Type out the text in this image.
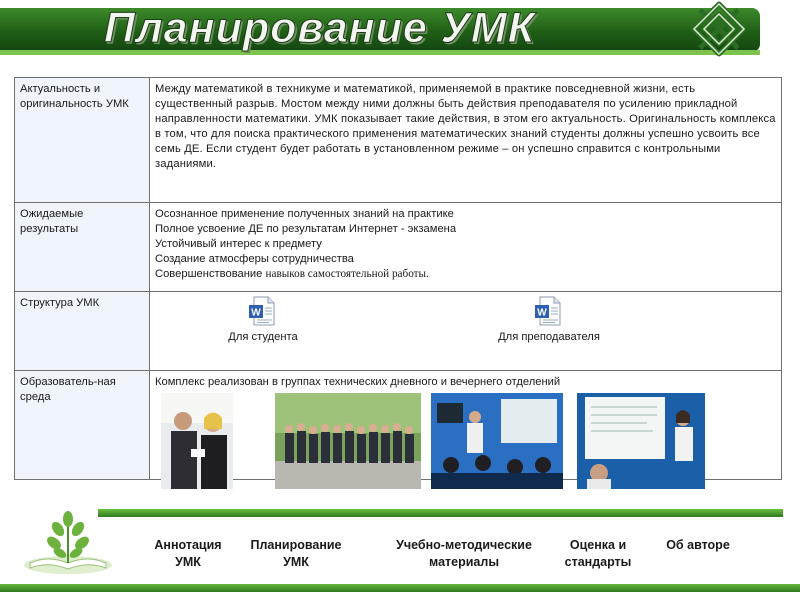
Планирование УМК
Актуальность и оригинальность УМК	Между математикой в техникуме и математикой, применяемой в практике повседневной жизни, есть существенный разрыв. Мостом между ними должны быть действия преподавателя по усилению прикладной направленности математики. УМК показывает такие действия, в этом его актуальность. Оригинальность комплекса в том, что для поиска практического применения математических знаний студенты должны успешно усвоить все семь ДЕ. Если студент будет работать в установленном режиме – он успешно справится с контрольными заданиями.
Ожидаемые результаты	Осознанное применение полученных знаний на практике
Полное усвоение ДЕ по результатам Интернет - экзамена
Устойчивый интерес к предмету
Создание атмосферы сотрудничества
Совершенствование навыков самостоятельной работы.

Структура УМК	W
Для студента
W
Для преподавателя

Образователь-ная среда	Комплекс реализован в группах технических дневного и вечернего отделений
Аннотация УМК
Планирование УМК
Учебно-методические материалы
Оценка и стандарты
Об авторе
